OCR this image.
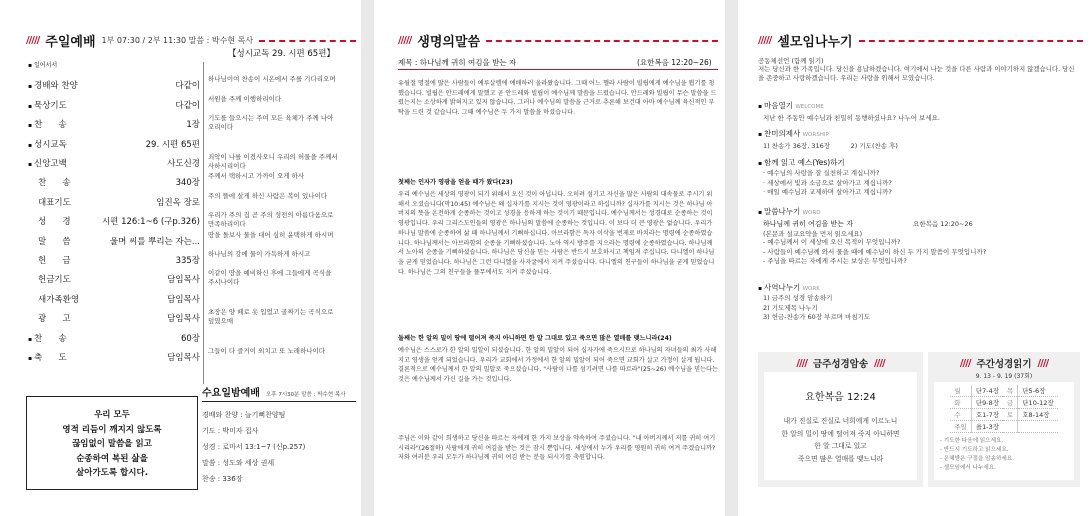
///// 주일예배 1부 07:30 / 2부 11:30 말씀 : 박수현 목사
【성시교독 29. 시편 65편】
▪ 일어서서
▪ 경배와 찬양	다같이
하나님이여 찬송이 시온에서 주를 기다리오며
▪ 묵상기도	다같이
서원을 주께 이행하리이다
▪ 찬      송	1장
기도를 들으시는 주여 모든 육체가 주께 나아오리이다
▪ 성시교독	29. 시편 65편
▪ 신앙고백	사도신경
죄악이 나를 이겼사오니 우리의 허물을 주께서 사하시리이다
찬      송	340장
주께서 택하시고 가까이 오게 하사
대표기도	임진옥 장로
주의 뜰에 살게 하신 사람은 복이 있나이다
성      경	시편 126:1~6 (구p.326)
우리가 주의 집 곧 주의 성전의 아름다움으로 만족하리이다
말      씀	울며 씨를 뿌리는 자는...
땅을 돌보사 물을 대어 심히 윤택하게 하시며
헌      금	335장
하나님의 강에 물이 가득하게 하시고
헌금기도	담임목사
이같이 땅을 예비하신 후에 그들에게 곡식을 주시나이다
새가족환영	담임목사
광      고	담임목사
초장은 양 떼로 옷 입었고 골짜기는 곡식으로 덮였으매
▪ 찬      송	60장
▪ 축      도	담임목사
그들이 다 즐거이 외치고 또 노래하나이다
우리 모두
영적 리듬이 깨지지 않도록
끊임없이 말씀을 읽고
순종하여 복된 삶을
살아가도록 합시다.
수요일밤예배 오후 7시30분 말씀 : 박수현 목사
경배와 찬양 : 늘기뻐찬양팀
기도 : 박미자 집사
성경 : 로마서 13:1~7 (신p.257)
말씀 : 성도와 세상 권세
찬송 : 336장
///// 생명의말씀
제목 : 하나님께 귀히 여김을 받는 자	(요한복음 12:20~26)
유월절 명절에 많은 사람들이 예루살렘에 예배하러 올라왔습니다. 그때 어느 헬라 사람이 빌립에게 예수님을 뵙기를 청했습니다. 빌립은 안드레에게 말했고 곧 안드레와 빌립이 예수님께 말씀을 드렸습니다. 안드레와 빌립이 무슨 말씀을 드렸는지는 소상하게 밝혀지고 있지 않습니다. 그러나 예수님의 말씀을 근거로 추론해 보건대 아마 예수님께 육신적인 부탁을 드린 것 같습니다. 그때 예수님은 두 가지 말씀을 하셨습니다.
첫째는 인자가 영광을 얻을 때가 왔다(23)
우리 예수님은 세상의 영광이 되기 위해서 오신 것이 아닙니다. 오히려 섬기고 자신을 많은 사람의 대속물로 주시기 위해서 오셨습니다(막10:45) 예수님은 왜 십자가를 지시는 것이 영광이라고 하십니까? 십자가를 지시는 것은 하나님 아버지의 뜻을 온전하게 순종하는 것이고 성경을 응하게 하는 것이기 때문입니다. 예수님께서는 성경대로 순종하는 것이 영광입니다. 우리 그리스도인들의 영광은 하나님의 말씀에 순종하는 것입니다. 이 보다 더 큰 영광은 없습니다. 우리가 하나님 말씀에 순종하여 삶 때 하나님께서 기뻐하십니다. 아브라함은 독자 이삭을 번제로 바치라는 명령에 순종하였습니다. 하나님께서는 아브라함의 순종을 기뻐하셨습니다. 노아 역시 방주를 지으라는 명령에 순종하였습니다. 하나님께서 노아의 순종을 기뻐하셨습니다. 하나님은 당신을 믿는 사람은 반드시 보호하시고 책임져 주십니다. 다니엘이 하나님을 굳게 믿었습니다. 하나님은 그런 다니엘을 사자굴에서 지켜 주셨습니다. 다니엘의 친구들이 하나님을 굳게 믿었습니다. 하나님은 그의 친구들을 풀무에서도 지켜 주셨습니다.
둘째는 한 알의 밀이 땅에 떨어져 죽지 아니하면 한 알 그대로 있고 죽으면 많은 열매를 맺느니라(24)
예수님은 스스로가 한 알의 밀알이 되셨습니다. 한 알의 밀알이 되어 십자가에 죽으시므로 하나님의 자녀들의 최가 사해지고 영생을 얻게 되었습니다. 우리가 교회에서 가정에서 한 알의 밀알이 되어 죽으면 교회가 살고 가정이 살게 됩니다. 결론적으로 예수님께서 한 알의 밀알로 죽으셨습니다. "사람이 나를 섬기려면 나를 따르라"(25~26) 예수님을 믿는다는 것은 예수님께서 가신 길을 가는 것입니다.
주님은 이와 같이 희생하고 당신을 따르는 자에게 한 가지 보상을 약속하여 주셨습니다. "내 아버지께서 저를 귀히 여기시리라"(26절하) 사람에게 귀히 여김을 받는 것은 잠시 뿐입니다. 세상에서 누가 우리를 영원히 귀히 여겨 주겠습니까? 저와 여러분 우리 모두가 하나님께 귀히 여김 받는 분들 되시기를 축원합니다.
///// 셀모임나누기
공동체선언 (함께 읽기)
저는 당신과 한 가족입니다. 당신을 용납하겠습니다. 여기에서 나눈 것을 다른 사람과 이야기하지 않겠습니다. 당신을 존중하고 사랑하겠습니다. 우리는 사랑을 위해서 모였습니다.
▪ 마음열기 WELCOME
지난 한 주동안 예수님과 친밀히 동행하셨나요? 나누어 보세요.
▪ 찬미의제사 WORSHIP
1) 찬송가 36장, 316장          2) 기도(찬송 후)
▪ 함께 읽고 예스(Yes)하기
· 예수님의 사랑을 잘 실천하고 계십니까?
· 세상에서 빛과 소금으로 살아가고 계십니까?
· 매일 예수님과 교제하며 살아가고 계십니까?
▪ 말씀나누기 WORD
하나님께 귀히 여김을 받는 자	요한복음 12:20~26
(본문과 설교요약을 먼저 읽으세요)
- 예수님께서 이 세상에 오신 목적이 무엇입니까?
- 사람들이 예수님께 와서 물을 때에 예수님이 하신 두 가지 말씀이 무엇입니까?
- 주님을 따르는 자에게 주시는 보상은 무엇입니까?
▪ 사역나누기 WORK
1) 금주의 성경 암송하기
2) 기도제목 나누기
3) 헌금-찬송가 60장 부르며 마침기도
//// 금주성경암송 ////
요한복음 12:24
내가 진실로 진실로 너희에게 이르노니
한 알의 밀이 땅에 떨어져 죽지 아니하면
한 알 그대로 있고
죽으면 많은 열매를 맺느니라
//// 주간성경읽기 ////
9. 13 - 9. 19 (37회)
월	단7-4장	목	단5-6장
화	단9-8장	금	단10-12장
수	호1-7장	토	호8-14장
주일	욜1-3장		
- 기도한 다음에 읽으세요.
- 반드시 기도하고 읽으세요.
- 은혜받은 구절을 암송하세요.
- 셀모임에서 나누세요.
